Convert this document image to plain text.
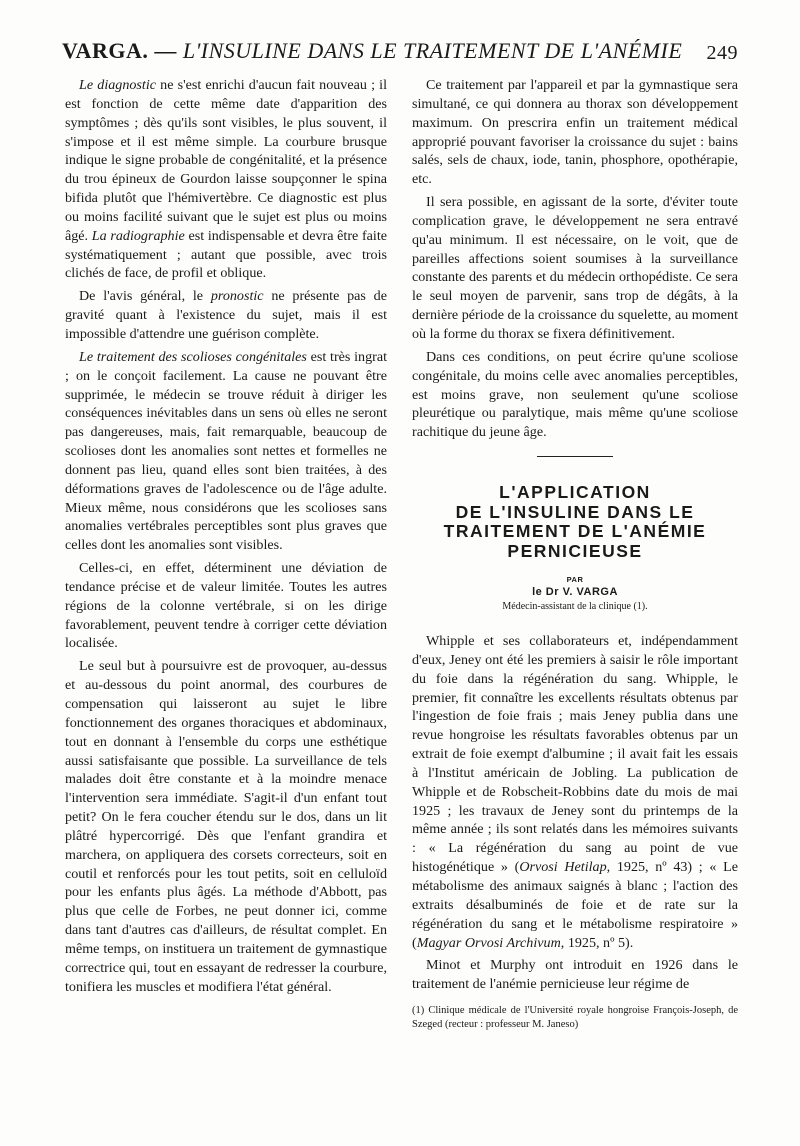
VARGA. — L'INSULINE DANS LE TRAITEMENT DE L'ANÉMIE 249

Le diagnostic ne s'est enrichi d'aucun fait nouveau ; il est fonction de cette même date d'apparition des symptômes ; dès qu'ils sont visibles, le plus souvent, il s'impose et il est même simple. La courbure brusque indique le signe probable de congénitalité, et la présence du trou épineux de Gourdon laisse soupçonner le spina bifida plutôt que l'hémivertèbre. Ce diagnostic est plus ou moins facilité suivant que le sujet est plus ou moins âgé. La radiographie est indispensable et devra être faite systématiquement ; autant que possible, avec trois clichés de face, de profil et oblique.

De l'avis général, le pronostic ne présente pas de gravité quant à l'existence du sujet, mais il est impossible d'attendre une guérison complète.

Le traitement des scolioses congénitales est très ingrat ; on le conçoit facilement. La cause ne pouvant être supprimée, le médecin se trouve réduit à diriger les conséquences inévitables dans un sens où elles ne seront pas dangereuses, mais, fait remarquable, beaucoup de scolioses dont les anomalies sont nettes et formelles ne donnent pas lieu, quand elles sont bien traitées, à des déformations graves de l'adolescence ou de l'âge adulte. Mieux même, nous considérons que les scolioses sans anomalies vertébrales perceptibles sont plus graves que celles dont les anomalies sont visibles.

Celles-ci, en effet, déterminent une déviation de tendance précise et de valeur limitée. Toutes les autres régions de la colonne vertébrale, si on les dirige favorablement, peuvent tendre à corriger cette déviation localisée.

Le seul but à poursuivre est de provoquer, au-dessus et au-dessous du point anormal, des courbures de compensation qui laisseront au sujet le libre fonctionnement des organes thoraciques et abdominaux, tout en donnant à l'ensemble du corps une esthétique aussi satisfaisante que possible. La surveillance de tels malades doit être constante et à la moindre menace l'intervention sera immédiate. S'agit-il d'un enfant tout petit? On le fera coucher étendu sur le dos, dans un lit plâtré hypercorrigé. Dès que l'enfant grandira et marchera, on appliquera des corsets correcteurs, soit en coutil et renforcés pour les tout petits, soit en celluloïd pour les enfants plus âgés. La méthode d'Abbott, pas plus que celle de Forbes, ne peut donner ici, comme dans tant d'autres cas d'ailleurs, de résultat complet. En même temps, on instituera un traitement de gymnastique correctrice qui, tout en essayant de redresser la courbure, tonifiera les muscles et modifiera l'état général.

Ce traitement par l'appareil et par la gymnastique sera simultané, ce qui donnera au thorax son développement maximum. On prescrira enfin un traitement médical approprié pouvant favoriser la croissance du sujet : bains salés, sels de chaux, iode, tanin, phosphore, opothérapie, etc.

Il sera possible, en agissant de la sorte, d'éviter toute complication grave, le développement ne sera entravé qu'au minimum. Il est nécessaire, on le voit, que de pareilles affections soient soumises à la surveillance constante des parents et du médecin orthopédiste. Ce sera le seul moyen de parvenir, sans trop de dégâts, à la dernière période de la croissance du squelette, au moment où la forme du thorax se fixera définitivement.

Dans ces conditions, on peut écrire qu'une scoliose congénitale, du moins celle avec anomalies perceptibles, est moins grave, non seulement qu'une scoliose pleurétique ou paralytique, mais même qu'une scoliose rachitique du jeune âge.

L'APPLICATION
DE L'INSULINE DANS LE
TRAITEMENT DE L'ANÉMIE
PERNICIEUSE
PAR
le Dr V. VARGA
Médecin-assistant de la clinique (1).

Whipple et ses collaborateurs et, indépendamment d'eux, Jeney ont été les premiers à saisir le rôle important du foie dans la régénération du sang. Whipple, le premier, fit connaître les excellents résultats obtenus par l'ingestion de foie frais ; mais Jeney publia dans une revue hongroise les résultats favorables obtenus par un extrait de foie exempt d'albumine ; il avait fait les essais à l'Institut américain de Jobling. La publication de Whipple et de Robscheit-Robbins date du mois de mai 1925 ; les travaux de Jeney sont du printemps de la même année ; ils sont relatés dans les mémoires suivants : « La régénération du sang au point de vue histogénétique » (Orvosi Hetilap, 1925, nº 43) ; « Le métabolisme des animaux saignés à blanc ; l'action des extraits désalbuminés de foie et de rate sur la régénération du sang et le métabolisme respiratoire » (Magyar Orvosi Archivum, 1925, nº 5).

Minot et Murphy ont introduit en 1926 dans le traitement de l'anémie pernicieuse leur régime de

(1) Clinique médicale de l'Université royale hongroise François-Joseph, de Szeged (recteur : professeur M. Janeso)
